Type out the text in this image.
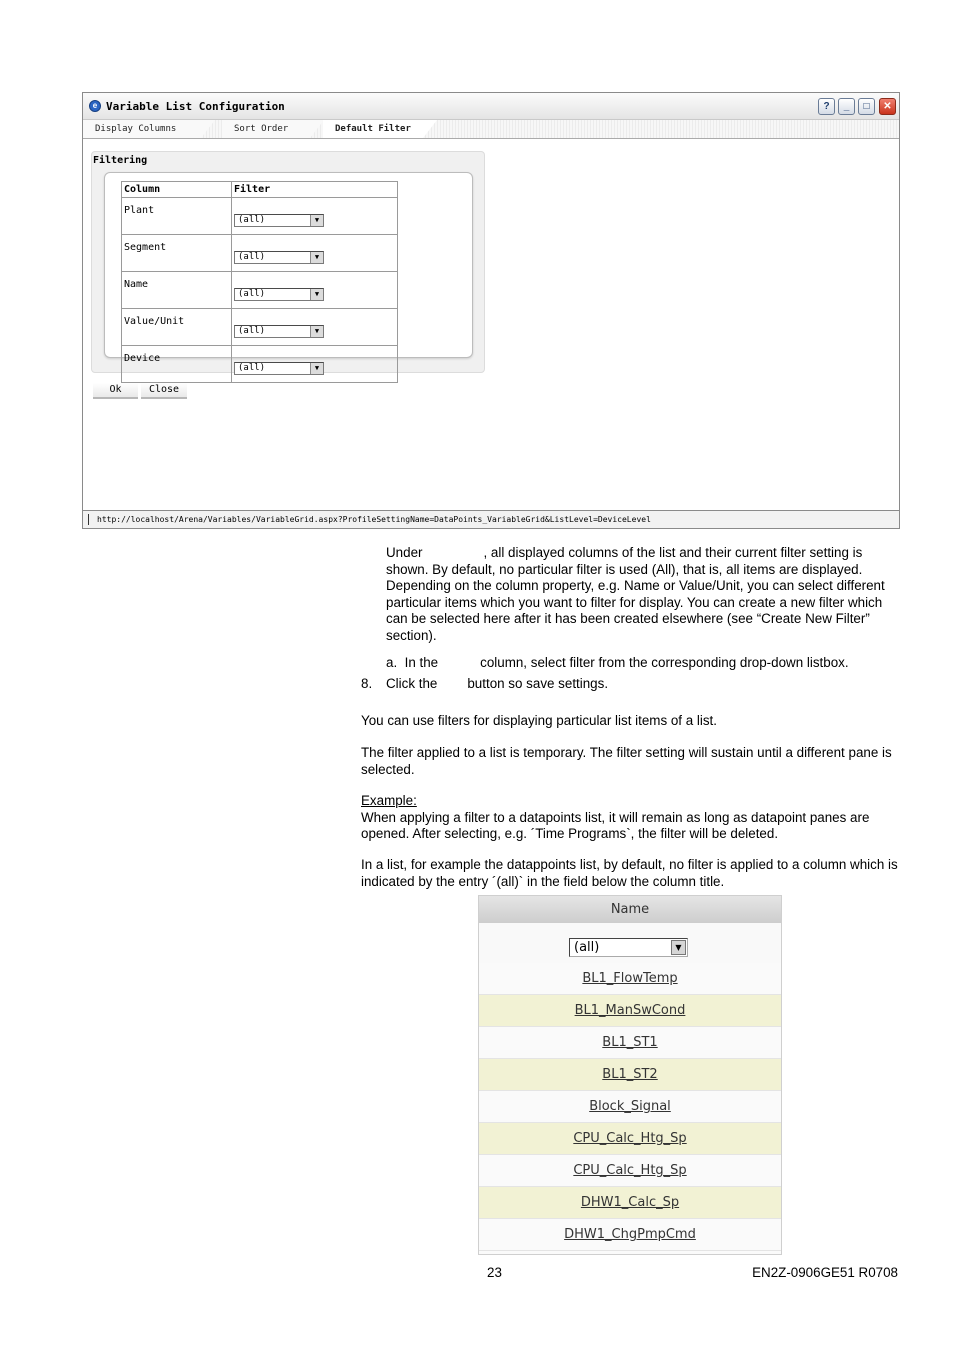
e Variable List Configuration	?	_	□	✕
Display Columns	Sort Order	Default Filter
Column	Filter
Plant	(all) ▼

Segment	(all) ▼

Name	(all) ▼

Value/Unit	(all) ▼

Device	(all) ▼
Filtering
Ok	Close
http://localhost/Arena/Variables/VariableGrid.aspx?ProfileSettingName=DataPoints_VariableGrid&ListLevel=DeviceLevel
Under	, all displayed columns of the list and their current filter setting is shown. By default, no particular filter is used (All), that is, all items are displayed. Depending on the column property, e.g. Name or Value/Unit, you can select different particular items which you want to filter for display. You can create a new filter which can be selected here after it has been created elsewhere (see “Create New Filter” section).
a. In the	column, select filter from the corresponding drop-down listbox.
8. Click the button so save settings.
You can use filters for displaying particular list items of a list.
The filter applied to a list is temporary. The filter setting will sustain until a different pane is selected.
Example:
When applying a filter to a datapoints list, it will remain as long as datapoint panes are opened. After selecting, e.g. ´Time Programs`, the filter will be deleted.
In a list, for example the datappoints list, by default, no filter is applied to a column which is indicated by the entry ´(all)` in the field below the column title.
Name
(all)	▼
BL1_FlowTemp
BL1_ManSwCond
BL1_ST1
BL1_ST2
Block_Signal
CPU_Calc_Htg_Sp
CPU_Calc_Htg_Sp
DHW1_Calc_Sp
DHW1_ChgPmpCmd
23	EN2Z-0906GE51 R0708
